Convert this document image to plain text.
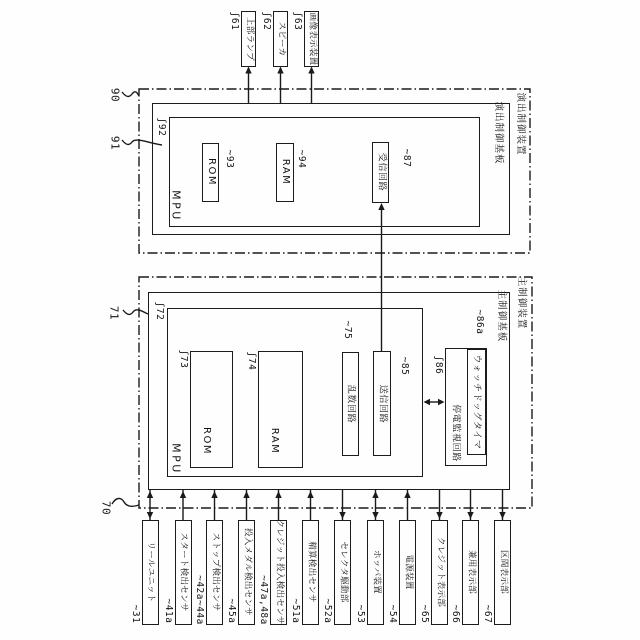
90
91
ʃ92
MPU
ROM ~93	RAM ~94	受信回路 ~87	演出制御基板 演出制御装置
70
71	ʃ72
MPU
ʃ73
ROM
ʃ74
RAM
~75
乱数回路 送信回路
~85 ʃ86
停電監視回路
~86a
ウォッチドッグタイマ
主制御基板 主制御装置
上部ランプ
ʃ61
スピーカ
ʃ62	画像表示装置
ʃ63
リールユニット
~31
スタート検出センサ
~41a	ストップ検出センサ
~42a~44a	投入メダル検出センサ
~45a	クレジット投入検出センサ
~47a,48a	精算検出センサ
~51a
セレクタ駆動部
~52a
ホッパ装置
~53
電源装置
~54
クレジット表示部
~65
兼用表示部
~66
区間表示部
~67
